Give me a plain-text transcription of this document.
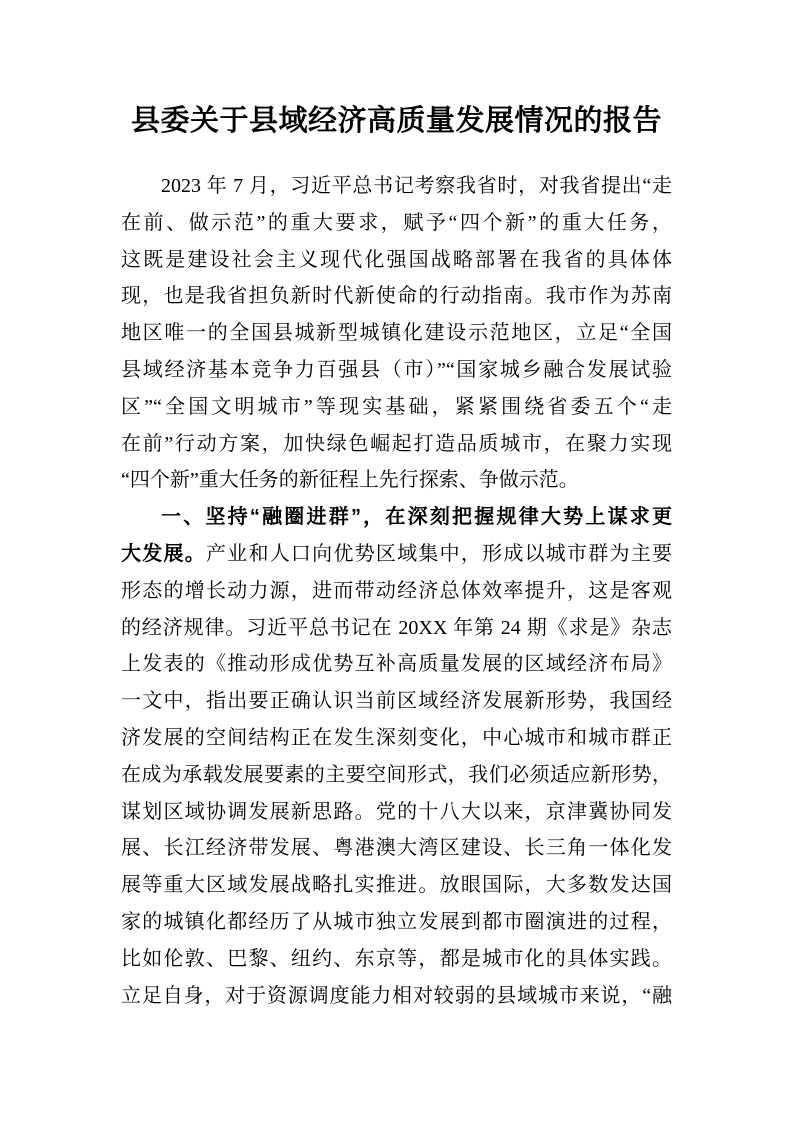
县委关于县域经济高质量发展情况的报告
2023 年 7 月，习近平总书记考察我省时，对我省提出“走
在前、做示范”的重大要求，赋予“四个新”的重大任务，
这既是建设社会主义现代化强国战略部署在我省的具体体
现，也是我省担负新时代新使命的行动指南。我市作为苏南
地区唯一的全国县城新型城镇化建设示范地区，立足“全国
县域经济基本竞争力百强县（市）”“国家城乡融合发展试验
区”“全国文明城市”等现实基础，紧紧围绕省委五个“走
在前”行动方案，加快绿色崛起打造品质城市，在聚力实现
“四个新”重大任务的新征程上先行探索、争做示范。
一、坚持“融圈进群”，在深刻把握规律大势上谋求更
大发展。产业和人口向优势区域集中，形成以城市群为主要
形态的增长动力源，进而带动经济总体效率提升，这是客观
的经济规律。习近平总书记在 20XX 年第 24 期《求是》杂志
上发表的《推动形成优势互补高质量发展的区域经济布局》
一文中，指出要正确认识当前区域经济发展新形势，我国经
济发展的空间结构正在发生深刻变化，中心城市和城市群正
在成为承载发展要素的主要空间形式，我们必须适应新形势，
谋划区域协调发展新思路。党的十八大以来，京津冀协同发
展、长江经济带发展、粤港澳大湾区建设、长三角一体化发
展等重大区域发展战略扎实推进。放眼国际，大多数发达国
家的城镇化都经历了从城市独立发展到都市圈演进的过程，
比如伦敦、巴黎、纽约、东京等，都是城市化的具体实践。
立足自身，对于资源调度能力相对较弱的县域城市来说，“融
